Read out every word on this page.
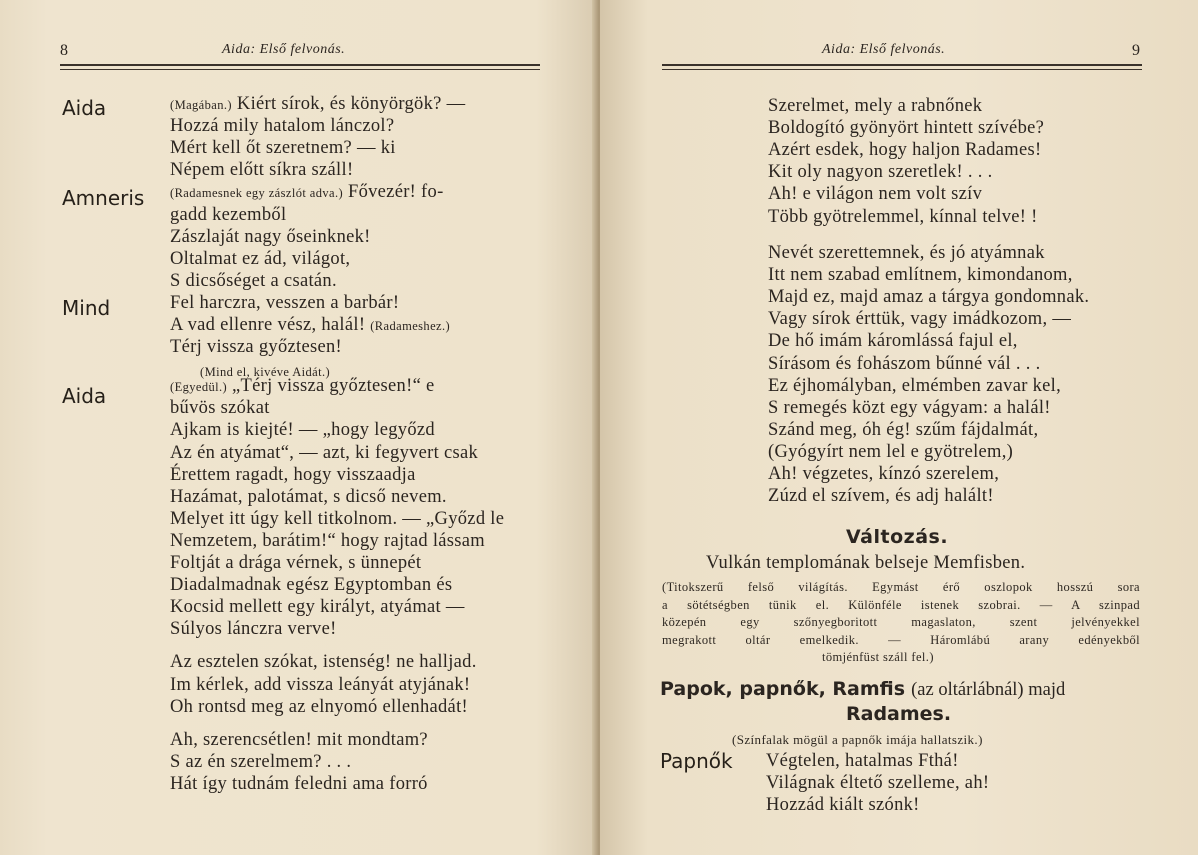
8	Aida: Első felvonás.
Aida
Amneris
Mind
Aida
(Magában.) Kiért sírok, és könyörgök? —
Hozzá mily hatalom lánczol?
Mért kell őt szeretnem? — ki
Népem előtt síkra száll!
(Radamesnek egy zászlót adva.) Fővezér! fo-
gadd kezemből
Zászlaját nagy őseinknek!
Oltalmat ez ád, világot,
S dicsőséget a csatán.
Fel harczra, vesszen a barbár!
A vad ellenre vész, halál! (Radameshez.)
Térj vissza győztesen!
(Mind el, kivéve Aidát.)
(Egyedül.) „Térj vissza győztesen!“ e
bűvös szókat
Ajkam is kiejté! — „hogy legyőzd
Az én atyámat“, — azt, ki fegyvert csak
Érettem ragadt, hogy visszaadja
Hazámat, palotámat, s dicső nevem.
Melyet itt úgy kell titkolnom. — „Győzd le
Nemzetem, barátim!“ hogy rajtad lássam
Foltját a drága vérnek, s ünnepét
Diadalmadnak egész Egyptomban és
Kocsid mellett egy királyt, atyámat —
Súlyos lánczra verve!
Az esztelen szókat, istenség! ne halljad.
Im kérlek, add vissza leányát atyjának!
Oh rontsd meg az elnyomó ellenhadát!
Ah, szerencsétlen! mit mondtam?
S az én szerelmem? . . .
Hát így tudnám feledni ama forró
Aida: Első felvonás.	9
Szerelmet, mely a rabnőnek
Boldogító gyönyört hintett szívébe?
Azért esdek, hogy haljon Radames!
Kit oly nagyon szeretlek! . . .
Ah! e világon nem volt szív
Több gyötrelemmel, kínnal telve! !
Nevét szerettemnek, és jó atyámnak
Itt nem szabad említnem, kimondanom,
Majd ez, majd amaz a tárgya gondomnak.
Vagy sírok érttük, vagy imádkozom, —
De hő imám káromlássá fajul el,
Sírásom és fohászom bűnné vál . . .
Ez éjhomályban, elmémben zavar kel,
S remegés közt egy vágyam: a halál!
Szánd meg, óh ég! szűm fájdalmát,
(Gyógyírt nem lel e gyötrelem,)
Ah! végzetes, kínzó szerelem,
Zúzd el szívem, és adj halált!
Változás.
Vulkán templomának belseje Memfisben.
(Titokszerű felső világítás. Egymást érő oszlopok hosszú sora
a sötétségben tünik el. Különféle istenek szobrai. — A szinpad
közepén egy szőnyegboritott magaslaton, szent jelvényekkel
megrakott oltár emelkedik. — Háromlábú arany edényekből
tömjénfüst száll fel.)
Papok, papnők, Ramfis (az oltárlábnál) majd
Radames.
(Színfalak mögül a papnők imája hallatszik.)
Papnők Végtelen, hatalmas Fthá!
Világnak éltető szelleme, ah!
Hozzád kiált szónk!
